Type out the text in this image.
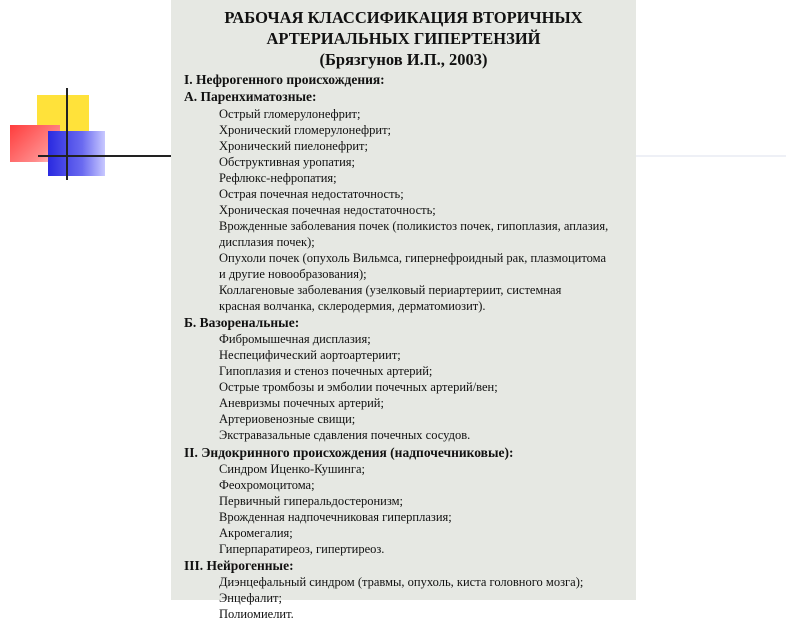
РАБОЧАЯ КЛАССИФИКАЦИЯ ВТОРИЧНЫХ
АРТЕРИАЛЬНЫХ ГИПЕРТЕНЗИЙ
(Брязгунов И.П., 2003)
I. Нефрогенного происхождения:
А. Паренхиматозные:
Острый гломерулонефрит;
Хронический гломерулонефрит;
Хронический пиелонефрит;
Обструктивная уропатия;
Рефлюкс-нефропатия;
Острая почечная недостаточность;
Хроническая почечная недостаточность;
Врожденные заболевания почек (поликистоз почек, гипоплазия, аплазия,
дисплазия почек);
Опухоли почек (опухоль Вильмса, гипернефроидный рак, плазмоцитома
и другие новообразования);
Коллагеновые заболевания (узелковый периартериит, системная
красная волчанка, склеродермия, дерматомиозит).
Б. Вазоренальные:
Фибромышечная дисплазия;
Неспецифический аортоартериит;
Гипоплазия и стеноз почечных артерий;
Острые тромбозы и эмболии почечных артерий/вен;
Аневризмы почечных артерий;
Артериовенозные свищи;
Экстравазальные сдавления почечных сосудов.
II. Эндокринного происхождения (надпочечниковые):
Синдром Иценко-Кушинга;
Феохромоцитома;
Первичный гиперальдостеронизм;
Врожденная надпочечниковая гиперплазия;
Акромегалия;
Гиперпаратиреоз, гипертиреоз.
III. Нейрогенные:
Диэнцефальный синдром (травмы, опухоль, киста головного мозга);
Энцефалит;
Полиомиелит.
